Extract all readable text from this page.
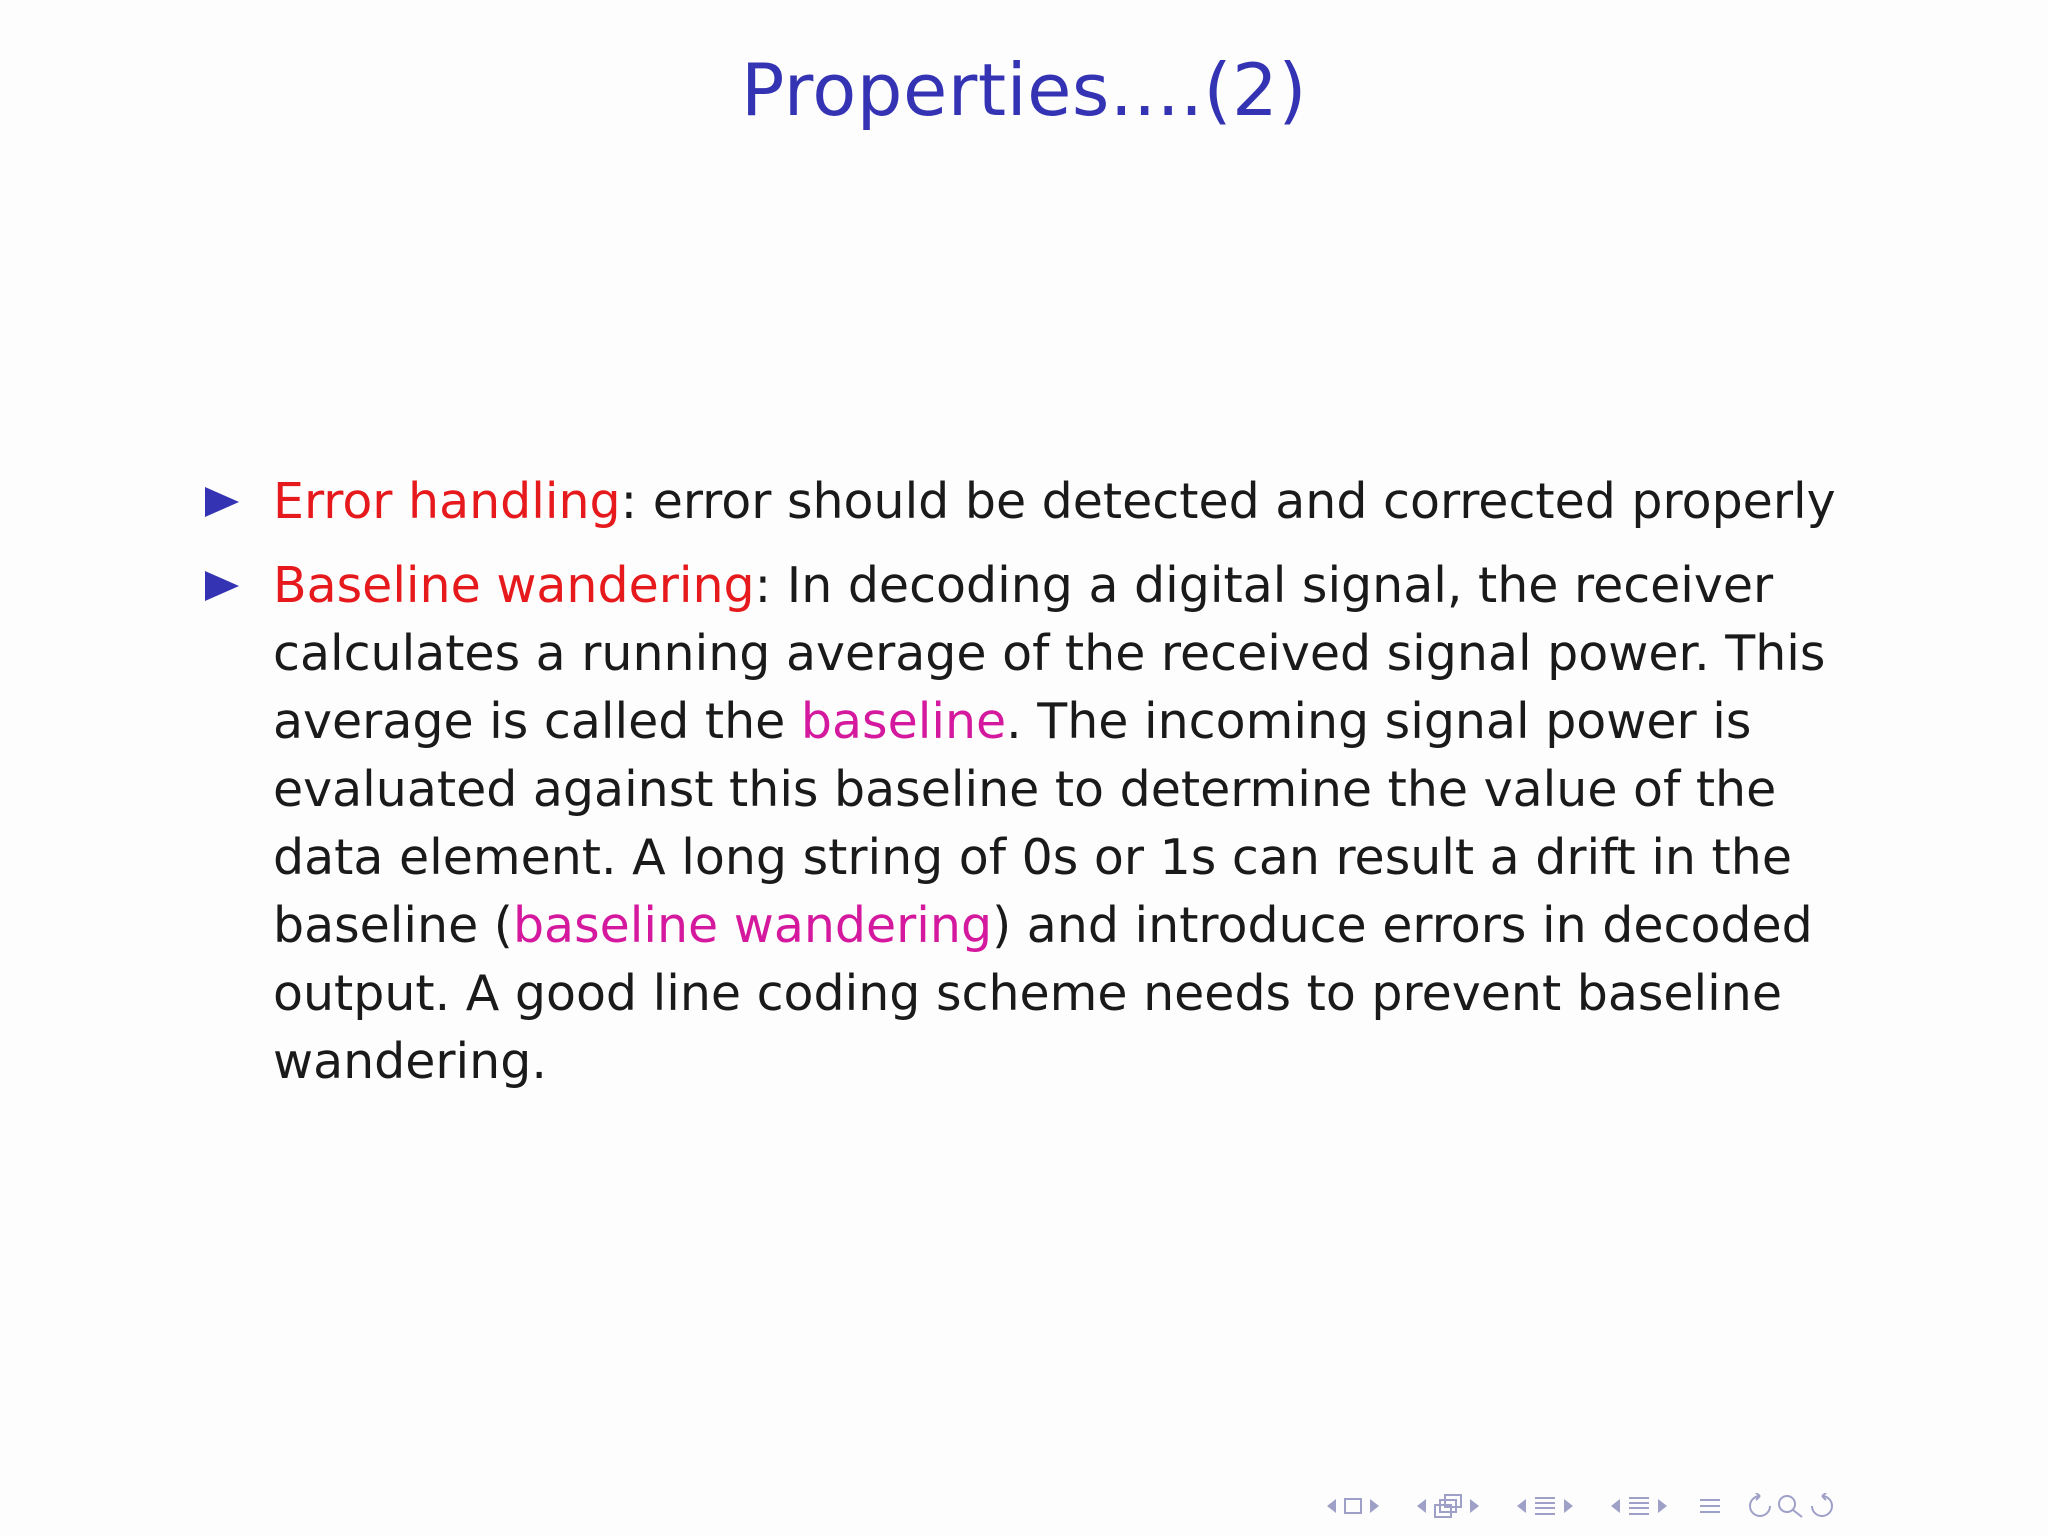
Properties....(2)
Error handling: error should be detected and corrected properly
Baseline wandering: In decoding a digital signal, the receiver calculates a running average of the received signal power. This average is called the baseline. The incoming signal power is evaluated against this baseline to determine the value of the data element. A long string of 0s or 1s can result a drift in the baseline (baseline wandering) and introduce errors in decoded output. A good line coding scheme needs to prevent baseline wandering.
